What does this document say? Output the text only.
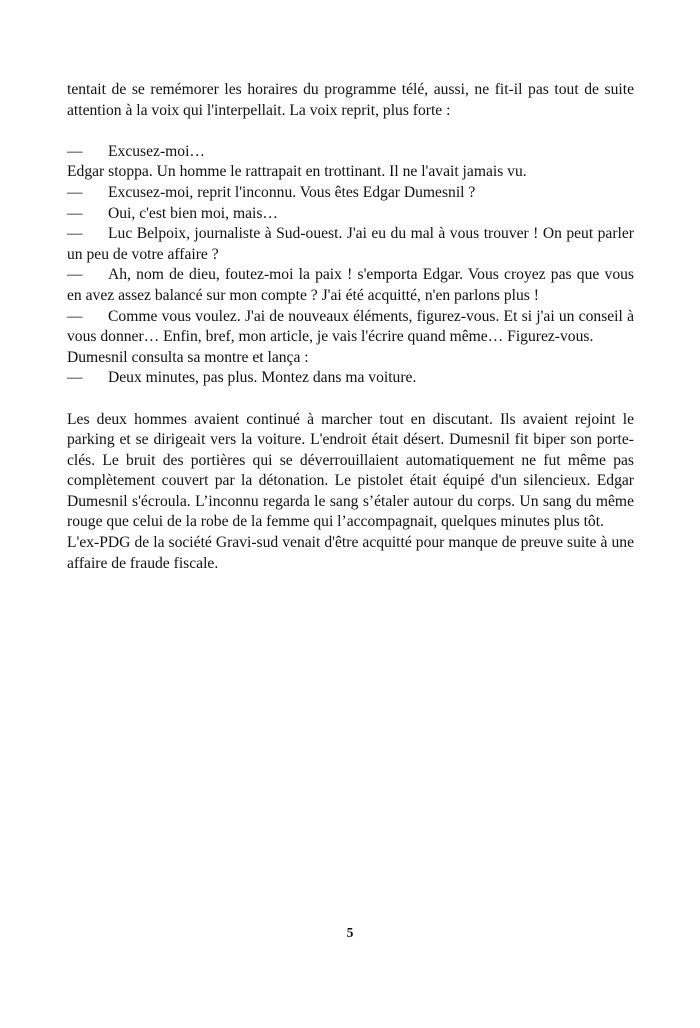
tentait de se remémorer les horaires du programme télé, aussi, ne fit-il pas tout de suite attention à la voix qui l'interpellait. La voix reprit, plus forte :

— Excusez-moi…

Edgar stoppa. Un homme le rattrapait en trottinant. Il ne l'avait jamais vu.

— Excusez-moi, reprit l'inconnu. Vous êtes Edgar Dumesnil ?

— Oui, c'est bien moi, mais…

— Luc Belpoix, journaliste à Sud-ouest. J'ai eu du mal à vous trouver ! On peut parler un peu de votre affaire ?

— Ah, nom de dieu, foutez-moi la paix ! s'emporta Edgar. Vous croyez pas que vous en avez assez balancé sur mon compte ? J'ai été acquitté, n'en parlons plus !

— Comme vous voulez. J'ai de nouveaux éléments, figurez-vous. Et si j'ai un conseil à vous donner… Enfin, bref, mon article, je vais l'écrire quand même… Figurez-vous.

Dumesnil consulta sa montre et lança :

— Deux minutes, pas plus. Montez dans ma voiture.

Les deux hommes avaient continué à marcher tout en discutant. Ils avaient rejoint le parking et se dirigeait vers la voiture. L'endroit était désert. Dumesnil fit biper son porte-clés. Le bruit des portières qui se déverrouillaient automatiquement ne fut même pas complètement couvert par la détonation. Le pistolet était équipé d'un silencieux. Edgar Dumesnil s'écroula. L’inconnu regarda le sang s’étaler autour du corps. Un sang du même rouge que celui de la robe de la femme qui l’accompagnait, quelques minutes plus tôt.

L'ex-PDG de la société Gravi-sud venait d'être acquitté pour manque de preuve suite à une affaire de fraude fiscale.

5
